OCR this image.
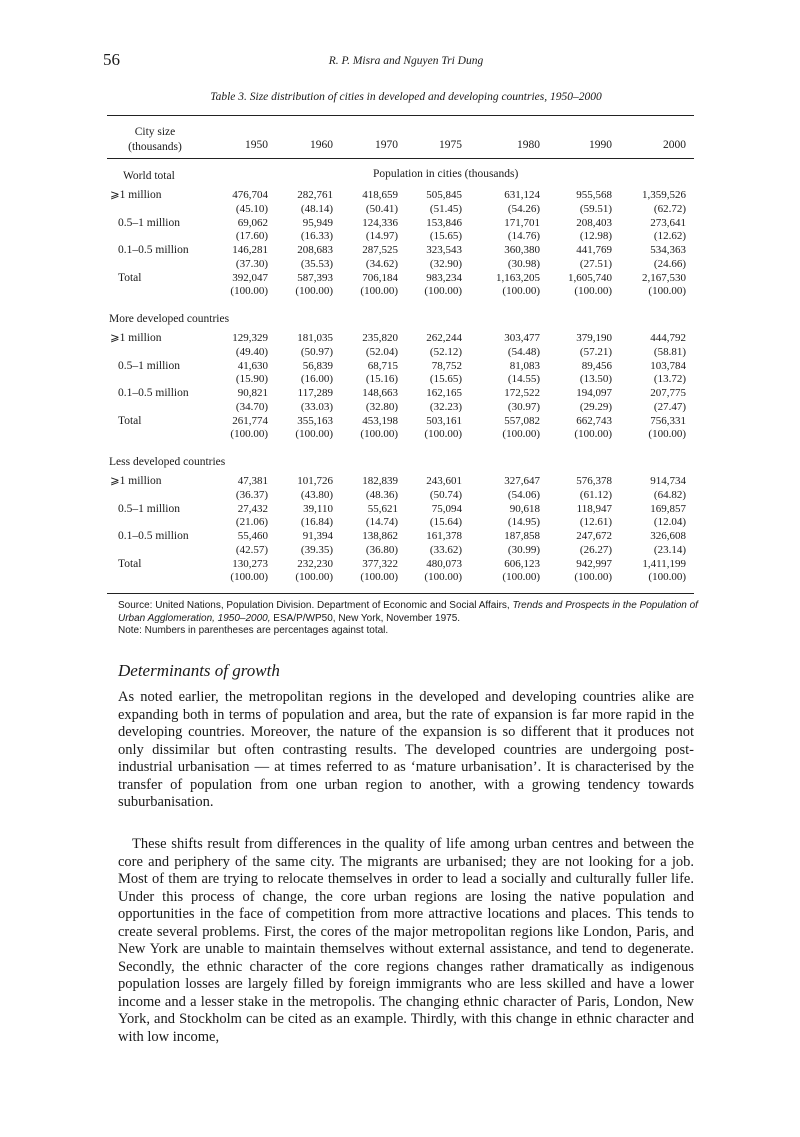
56	R. P. Misra and Nguyen Tri Dung
Table 3. Size distribution of cities in developed and developing countries, 1950–2000
City size
(thousands)	1950	1960	1970	1975	1980	1990	2000
Population in cities (thousands)
World total
⩾1 million	476,704	282,761	418,659	505,845	631,124	955,568	1,359,526
(45.10)	(48.14)	(50.41)	(51.45)	(54.26)	(59.51)	(62.72)
0.5–1 million	69,062	95,949	124,336	153,846	171,701	208,403	273,641
(17.60)	(16.33)	(14.97)	(15.65)	(14.76)	(12.98)	(12.62)
0.1–0.5 million	146,281	208,683	287,525	323,543	360,380	441,769	534,363
(37.30)	(35.53)	(34.62)	(32.90)	(30.98)	(27.51)	(24.66)
Total	392,047	587,393	706,184	983,234	1,163,205	1,605,740	2,167,530
(100.00)	(100.00)	(100.00)	(100.00)	(100.00)	(100.00)	(100.00)
More developed countries
⩾1 million	129,329	181,035	235,820	262,244	303,477	379,190	444,792
(49.40)	(50.97)	(52.04)	(52.12)	(54.48)	(57.21)	(58.81)
0.5–1 million	41,630	56,839	68,715	78,752	81,083	89,456	103,784
(15.90)	(16.00)	(15.16)	(15.65)	(14.55)	(13.50)	(13.72)
0.1–0.5 million	90,821	117,289	148,663	162,165	172,522	194,097	207,775
(34.70)	(33.03)	(32.80)	(32.23)	(30.97)	(29.29)	(27.47)
Total	261,774	355,163	453,198	503,161	557,082	662,743	756,331
(100.00)	(100.00)	(100.00)	(100.00)	(100.00)	(100.00)	(100.00)
Less developed countries
⩾1 million	47,381	101,726	182,839	243,601	327,647	576,378	914,734
(36.37)	(43.80)	(48.36)	(50.74)	(54.06)	(61.12)	(64.82)
0.5–1 million	27,432	39,110	55,621	75,094	90,618	118,947	169,857
(21.06)	(16.84)	(14.74)	(15.64)	(14.95)	(12.61)	(12.04)
0.1–0.5 million	55,460	91,394	138,862	161,378	187,858	247,672	326,608
(42.57)	(39.35)	(36.80)	(33.62)	(30.99)	(26.27)	(23.14)
Total	130,273	232,230	377,322	480,073	606,123	942,997	1,411,199
(100.00)	(100.00)	(100.00)	(100.00)	(100.00)	(100.00)	(100.00)

Source: United Nations, Population Division. Department of Economic and Social Affairs, Trends and Prospects in the Population of Urban Agglomeration, 1950–2000, ESA/P/WP50, New York, November 1975.

Note: Numbers in parentheses are percentages against total.

Determinants of growth

As noted earlier, the metropolitan regions in the developed and developing countries alike are expanding both in terms of population and area, but the rate of expansion is far more rapid in the developing countries. Moreover, the nature of the expansion is so different that it produces not only dissimilar but often contrasting results. The developed countries are undergoing post-industrial urbanisation — at times referred to as ‘mature urbanisation’. It is characterised by the transfer of population from one urban region to another, with a growing tendency towards suburbanisation.

These shifts result from differences in the quality of life among urban centres and between the core and periphery of the same city. The migrants are urbanised; they are not looking for a job. Most of them are trying to relocate themselves in order to lead a socially and culturally fuller life. Under this process of change, the core urban regions are losing the native population and opportunities in the face of competition from more attractive locations and places. This tends to create several problems. First, the cores of the major metropolitan regions like London, Paris, and New York are unable to maintain themselves without external assistance, and tend to degenerate. Secondly, the ethnic character of the core regions changes rather dramatically as indigenous population losses are largely filled by foreign immigrants who are less skilled and have a lower income and a lesser stake in the metropolis. The changing ethnic character of Paris, London, New York, and Stockholm can be cited as an example. Thirdly, with this change in ethnic character and with low income,
